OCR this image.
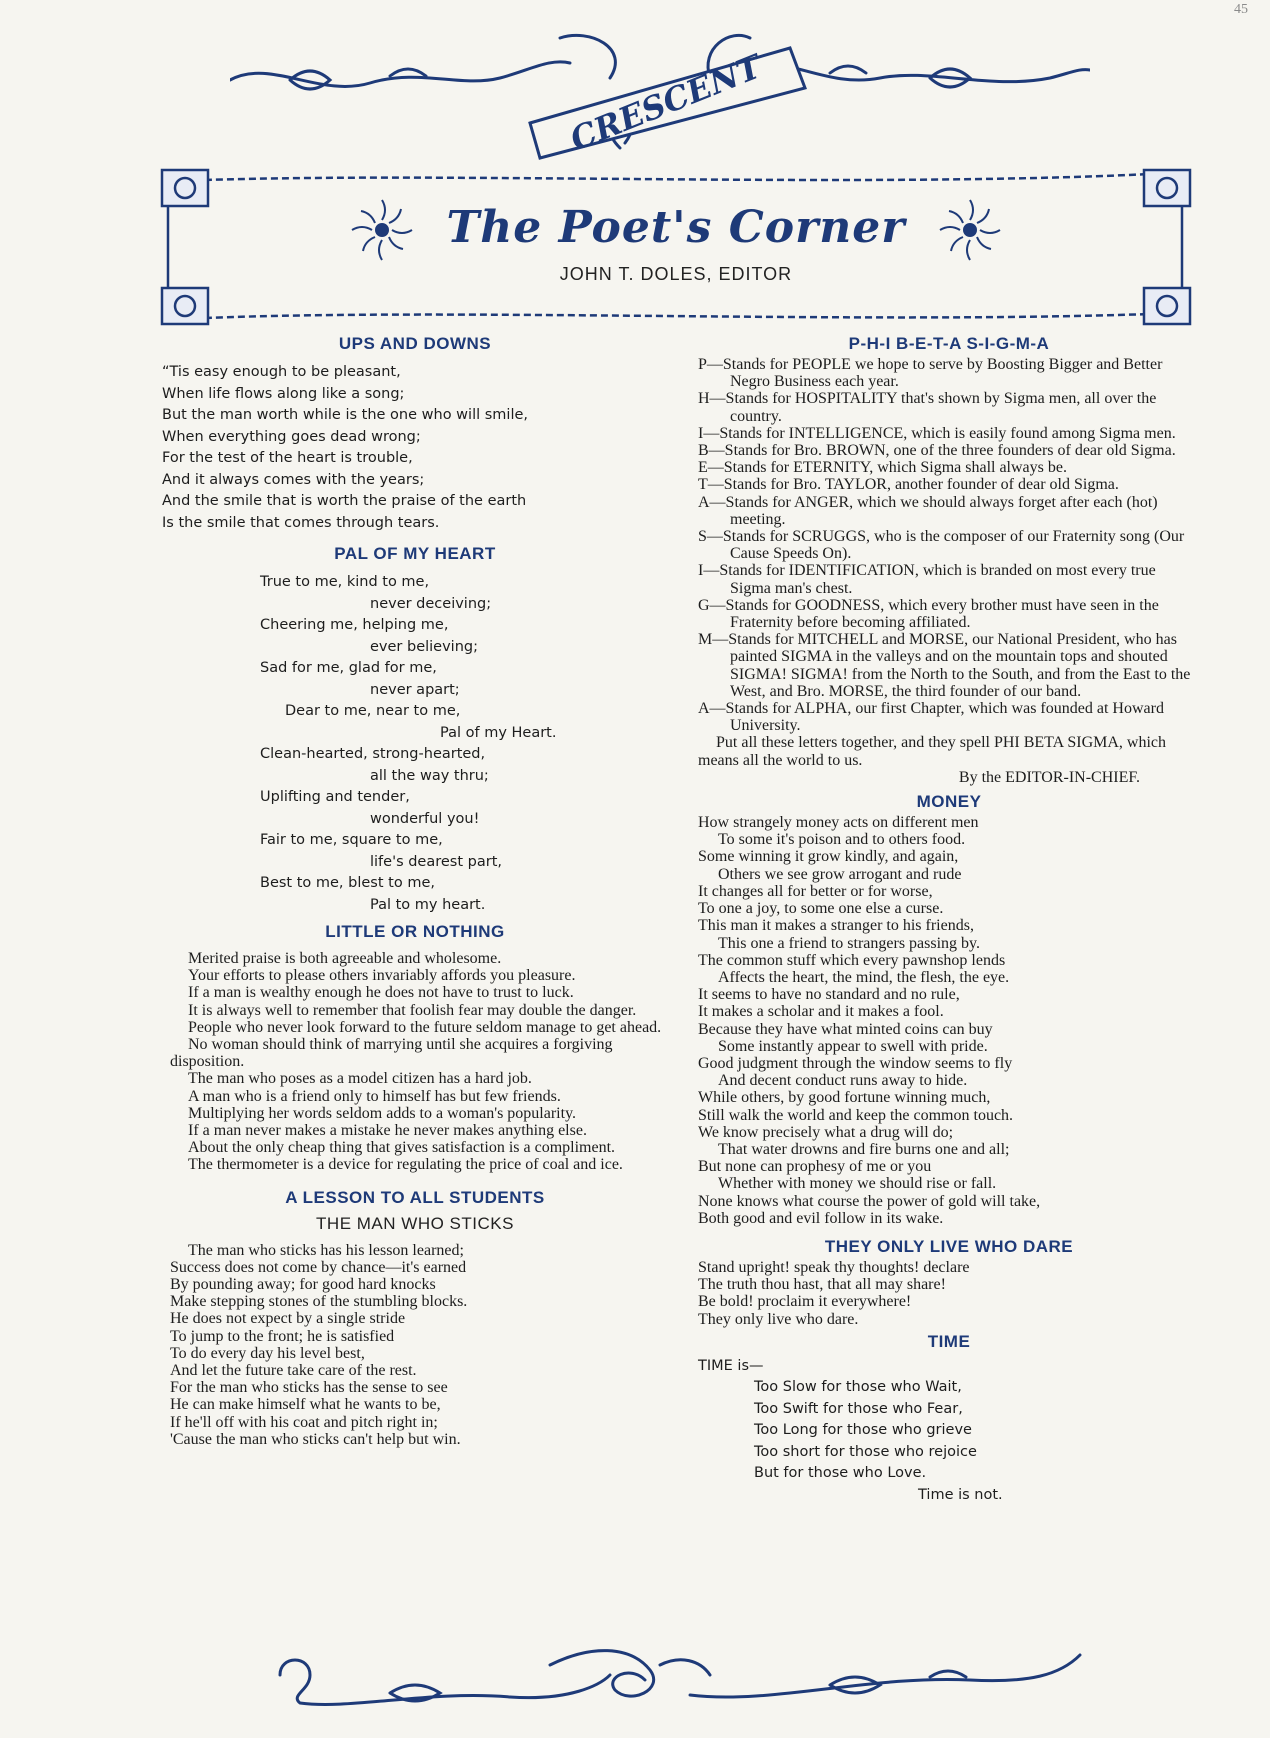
45
CRESCENT
The Poet's Corner
JOHN T. DOLES, EDITOR
UPS AND DOWNS
“Tis easy enough to be pleasant,
When life flows along like a song;
But the man worth while is the one who will smile,
When everything goes dead wrong;
For the test of the heart is trouble,
And it always comes with the years;
And the smile that is worth the praise of the earth
Is the smile that comes through tears.
PAL OF MY HEART
True to me, kind to me,
never deceiving;
Cheering me, helping me,
ever believing;
Sad for me, glad for me,
never apart;
Dear to me, near to me,
Pal of my Heart.
Clean-hearted, strong-hearted,
all the way thru;
Uplifting and tender,
wonderful you!
Fair to me, square to me,
life's dearest part,
Best to me, blest to me,
Pal to my heart.
LITTLE OR NOTHING
Merited praise is both agreeable and wholesome.
Your efforts to please others invariably affords you pleasure.
If a man is wealthy enough he does not have to trust to luck.
It is always well to remember that foolish fear may double the danger.
People who never look forward to the future seldom manage to get ahead.
No woman should think of marrying until she acquires a forgiving disposition.
The man who poses as a model citizen has a hard job.
A man who is a friend only to himself has but few friends.
Multiplying her words seldom adds to a woman's popularity.
If a man never makes a mistake he never makes anything else.
About the only cheap thing that gives satisfaction is a compliment.
The thermometer is a device for regulating the price of coal and ice.
A LESSON TO ALL STUDENTS
THE MAN WHO STICKS
The man who sticks has his lesson learned;
Success does not come by chance—it's earned
By pounding away; for good hard knocks
Make stepping stones of the stumbling blocks.
He does not expect by a single stride
To jump to the front; he is satisfied
To do every day his level best,
And let the future take care of the rest.
For the man who sticks has the sense to see
He can make himself what he wants to be,
If he'll off with his coat and pitch right in;
'Cause the man who sticks can't help but win.
P-H-I B-E-T-A S-I-G-M-A
P—Stands for PEOPLE we hope to serve by Boosting Bigger and Better Negro Business each year.
H—Stands for HOSPITALITY that's shown by Sigma men, all over the country.
I—Stands for INTELLIGENCE, which is easily found among Sigma men.
B—Stands for Bro. BROWN, one of the three founders of dear old Sigma.
E—Stands for ETERNITY, which Sigma shall always be.
T—Stands for Bro. TAYLOR, another founder of dear old Sigma.
A—Stands for ANGER, which we should always forget after each (hot) meeting.
S—Stands for SCRUGGS, who is the composer of our Fraternity song (Our Cause Speeds On).
I—Stands for IDENTIFICATION, which is branded on most every true Sigma man's chest.
G—Stands for GOODNESS, which every brother must have seen in the Fraternity before becoming affiliated.
M—Stands for MITCHELL and MORSE, our National President, who has painted SIGMA in the valleys and on the mountain tops and shouted SIGMA! SIGMA! from the North to the South, and from the East to the West, and Bro. MORSE, the third founder of our band.
A—Stands for ALPHA, our first Chapter, which was founded at Howard University.
Put all these letters together, and they spell PHI BETA SIGMA, which means all the world to us.
By the EDITOR-IN-CHIEF.
MONEY
How strangely money acts on different men
To some it's poison and to others food.
Some winning it grow kindly, and again,
Others we see grow arrogant and rude
It changes all for better or for worse,
To one a joy, to some one else a curse.
This man it makes a stranger to his friends,
This one a friend to strangers passing by.
The common stuff which every pawnshop lends
Affects the heart, the mind, the flesh, the eye.
It seems to have no standard and no rule,
It makes a scholar and it makes a fool.
Because they have what minted coins can buy
Some instantly appear to swell with pride.
Good judgment through the window seems to fly
And decent conduct runs away to hide.
While others, by good fortune winning much,
Still walk the world and keep the common touch.
We know precisely what a drug will do;
That water drowns and fire burns one and all;
But none can prophesy of me or you
Whether with money we should rise or fall.
None knows what course the power of gold will take,
Both good and evil follow in its wake.
THEY ONLY LIVE WHO DARE
Stand upright! speak thy thoughts! declare
The truth thou hast, that all may share!
Be bold! proclaim it everywhere!
They only live who dare.
TIME
TIME is—
Too Slow for those who Wait,
Too Swift for those who Fear,
Too Long for those who grieve
Too short for those who rejoice
But for those who Love.
Time is not.
